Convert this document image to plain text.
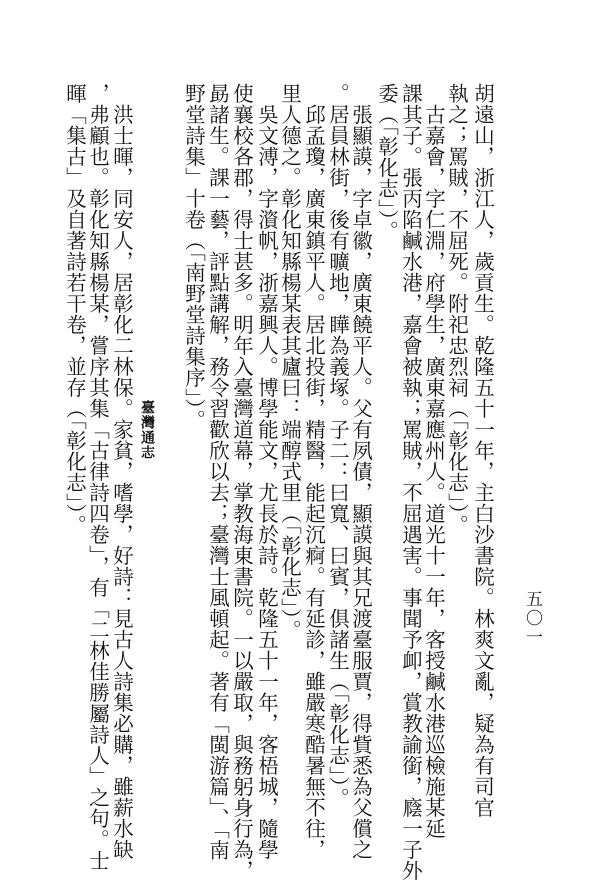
胡遠山，浙江人，歲貢生。乾隆五十一年，主白沙書院。林爽文亂，疑為有司官
執之；罵賊，不屈死。附祀忠烈祠（「彰化志」）。
古嘉會，字仁淵，府學生，廣東嘉應州人。道光十一年，客授鹹水港巡檢施某延
課其子。張丙陷鹹水港，嘉會被執；罵賊，不屈遇害。事聞予卹，賞教諭銜，廕一子外
委（「彰化志」）。
張顯謨，字卓徽，廣東饒平人。父有夙債，顯謨與其兄渡臺服賈，得貲悉為父償之
。居員林街，後有曠地，瞱為義塚。子二：曰寬、曰賓，俱諸生（「彰化志」）。
邱孟瓊，廣東鎮平人。居北投街，精醫，能起沉痾。有延診，雖嚴寒酷暑無不往，
里人德之。彰化知縣楊某表其廬曰：端醇式里（「彰化志」）。
吳文溥，字澬帆，浙嘉興人。博學能文，尤長於詩。乾隆五十一年，客梧城，隨學
使襄校各郡，得士甚多。明年入臺灣道幕，掌教海東書院。一以嚴取，與務躬身行為，
勗諸生。課一藝，評點講解，務令習歡欣以去；臺灣士風頓起。著有「閩游篇」、「南
野堂詩集」十卷（「南野堂詩集序」）。
洪士暉，同安人，居彰化二林保。家貧，嗜學，好詩：見古人詩集必購，雖薪水缺
，弗顧也。彰化知縣楊某，嘗序其集「古律詩四卷」，有「二林佳勝屬詩人」之句。士
暉「集古」及自著詩若干卷，並存（「彰化志」）。	臺灣通志
五〇一
